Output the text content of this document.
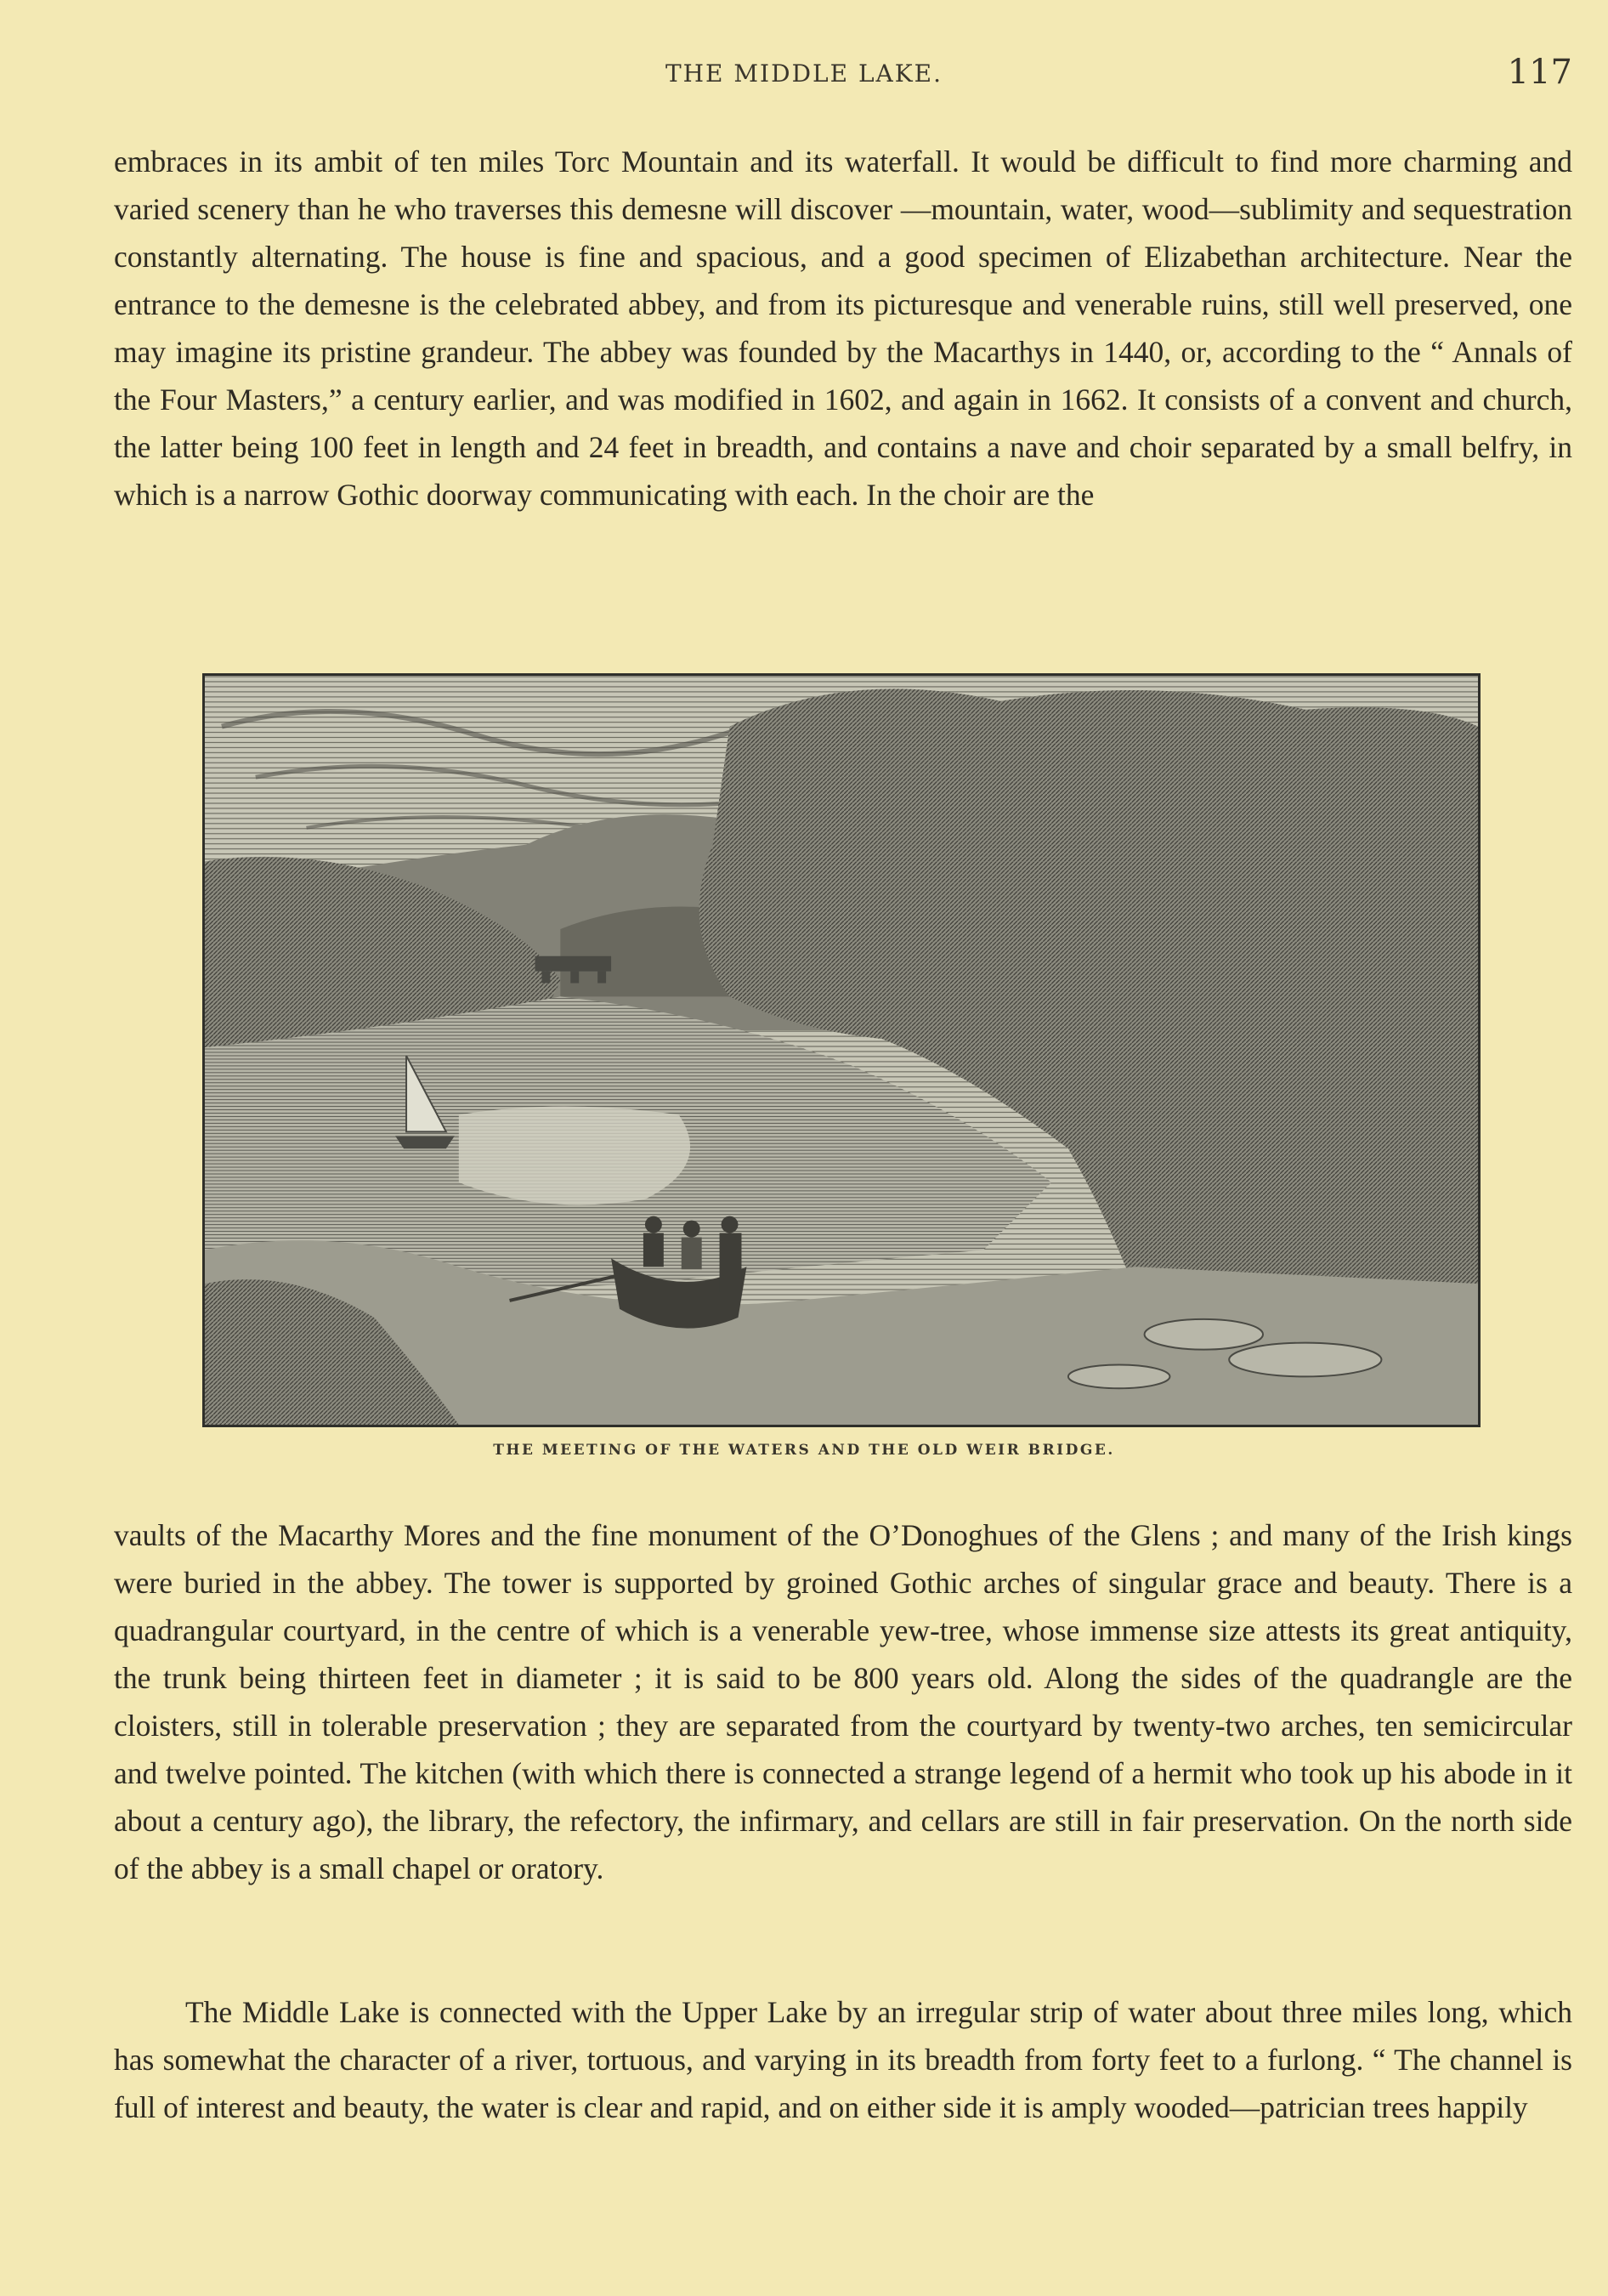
THE MIDDLE LAKE.	117

embraces in its ambit of ten miles Torc Mountain and its waterfall. It would be difficult to find more charming and varied scenery than he who traverses this demesne will discover —mountain, water, wood—sublimity and sequestration constantly alternating. The house is fine and spacious, and a good specimen of Elizabethan architecture. Near the entrance to the demesne is the celebrated abbey, and from its picturesque and venerable ruins, still well preserved, one may imagine its pristine grandeur. The abbey was founded by the Macarthys in 1440, or, according to the “ Annals of the Four Masters,” a century earlier, and was modified in 1602, and again in 1662. It consists of a convent and church, the latter being 100 feet in length and 24 feet in breadth, and contains a nave and choir separated by a small belfry, in which is a narrow Gothic doorway communicating with each. In the choir are the

THE MEETING OF THE WATERS AND THE OLD WEIR BRIDGE.

vaults of the Macarthy Mores and the fine monument of the O’Donoghues of the Glens ; and many of the Irish kings were buried in the abbey. The tower is supported by groined Gothic arches of singular grace and beauty. There is a quadrangular courtyard, in the centre of which is a venerable yew-tree, whose immense size attests its great antiquity, the trunk being thirteen feet in diameter ; it is said to be 800 years old. Along the sides of the quadrangle are the cloisters, still in tolerable preservation ; they are separated from the courtyard by twenty-two arches, ten semicircular and twelve pointed. The kitchen (with which there is connected a strange legend of a hermit who took up his abode in it about a century ago), the library, the refectory, the infirmary, and cellars are still in fair preservation. On the north side of the abbey is a small chapel or oratory.

The Middle Lake is connected with the Upper Lake by an irregular strip of water about three miles long, which has somewhat the character of a river, tortuous, and varying in its breadth from forty feet to a furlong. “ The channel is full of interest and beauty, the water is clear and rapid, and on either side it is amply wooded—patrician trees happily
